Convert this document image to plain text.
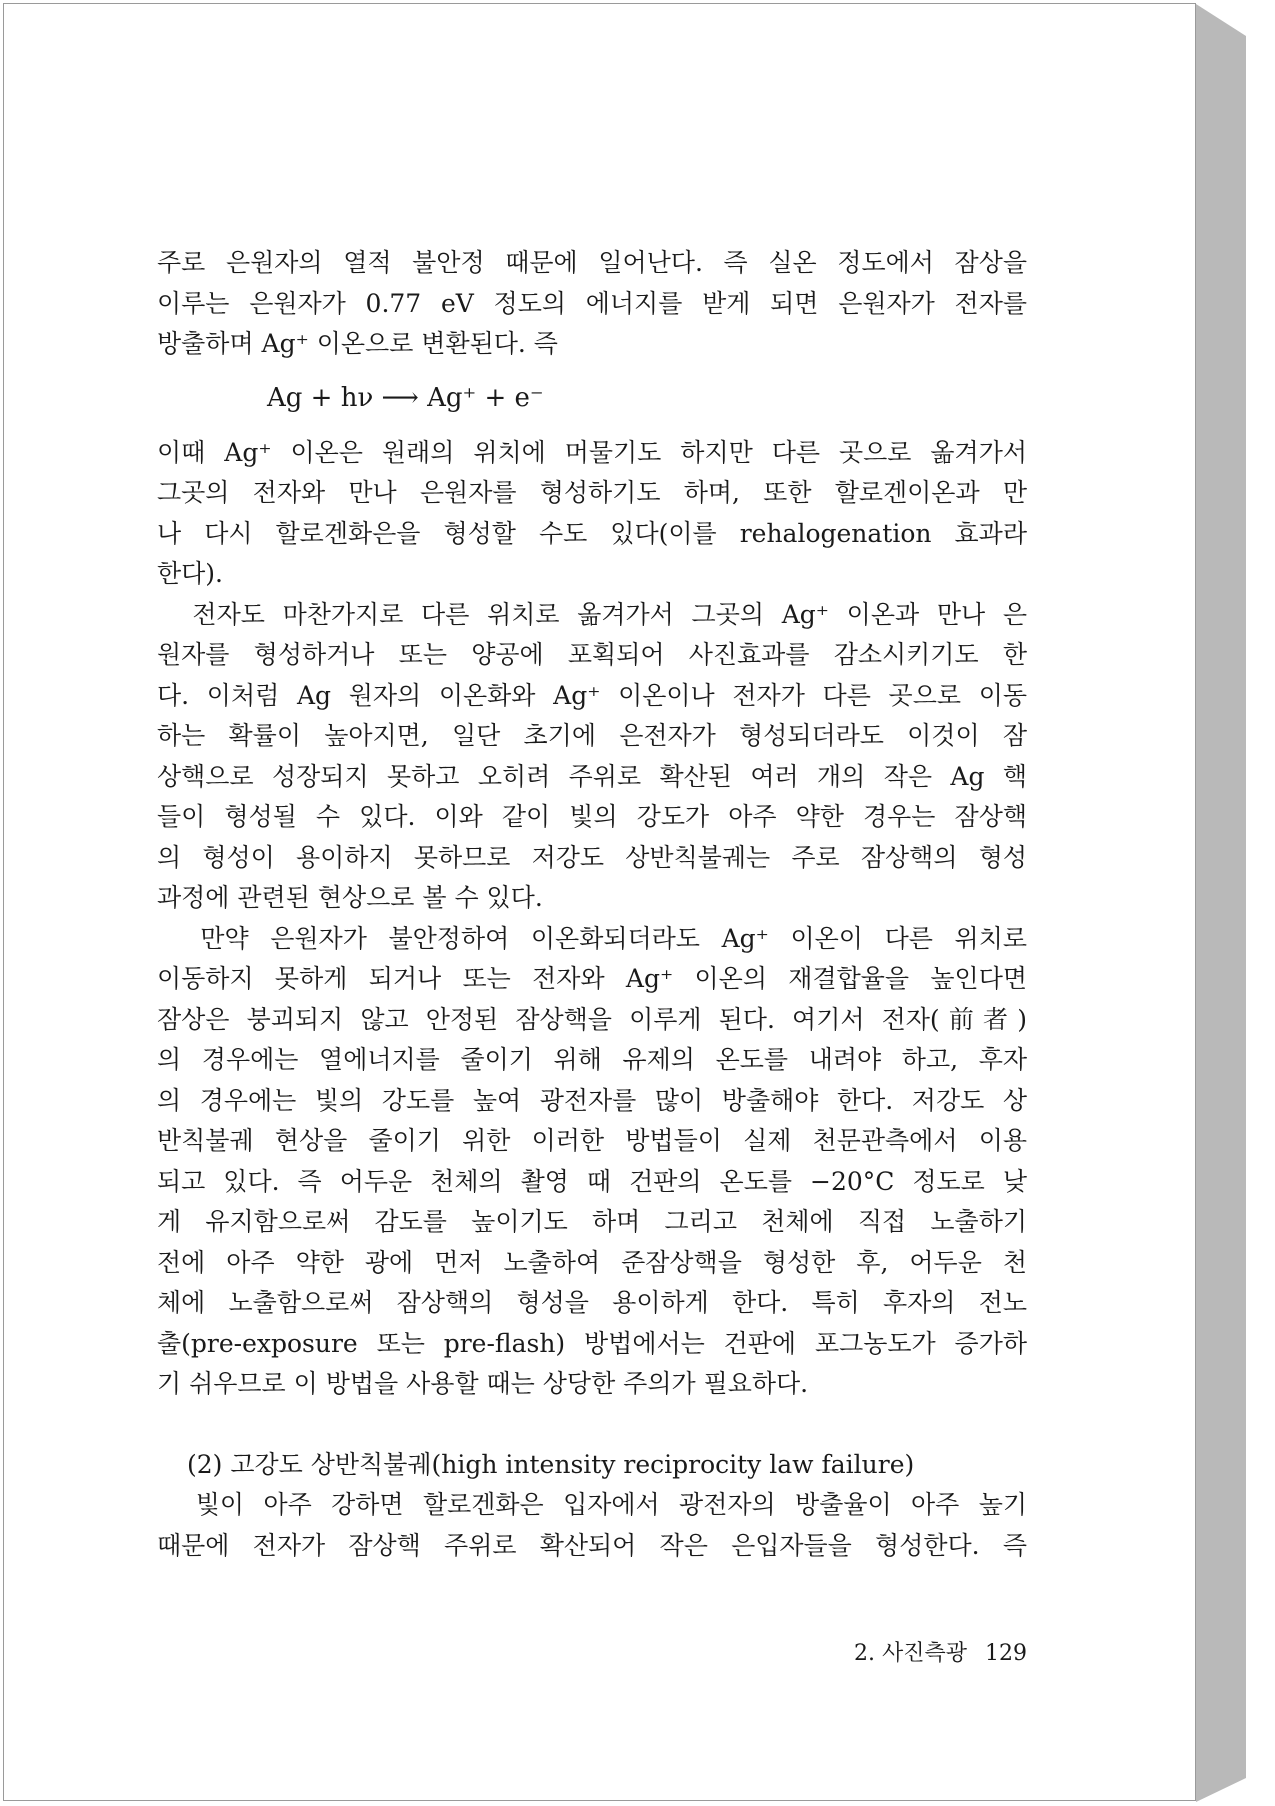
주로 은원자의 열적 불안정 때문에 일어난다. 즉 실온 정도에서 잠상을
이루는 은원자가 0.77 eV 정도의 에너지를 받게 되면 은원자가 전자를
방출하며 Ag⁺ 이온으로 변환된다. 즉
Ag + hν ⟶ Ag⁺ + e⁻
이때 Ag⁺ 이온은 원래의 위치에 머물기도 하지만 다른 곳으로 옮겨가서
그곳의 전자와 만나 은원자를 형성하기도 하며, 또한 할로겐이온과 만
나 다시 할로겐화은을 형성할 수도 있다(이를 rehalogenation 효과라
한다).
전자도 마찬가지로 다른 위치로 옮겨가서 그곳의 Ag⁺ 이온과 만나 은
원자를 형성하거나 또는 양공에 포획되어 사진효과를 감소시키기도 한
다. 이처럼 Ag 원자의 이온화와 Ag⁺ 이온이나 전자가 다른 곳으로 이동
하는 확률이 높아지면, 일단 초기에 은전자가 형성되더라도 이것이 잠
상핵으로 성장되지 못하고 오히려 주위로 확산된 여러 개의 작은 Ag 핵
들이 형성될 수 있다. 이와 같이 빛의 강도가 아주 약한 경우는 잠상핵
의 형성이 용이하지 못하므로 저강도 상반칙불궤는 주로 잠상핵의 형성
과정에 관련된 현상으로 볼 수 있다.
만약 은원자가 불안정하여 이온화되더라도 Ag⁺ 이온이 다른 위치로
이동하지 못하게 되거나 또는 전자와 Ag⁺ 이온의 재결합율을 높인다면
잠상은 붕괴되지 않고 안정된 잠상핵을 이루게 된다. 여기서 전자(前者)
의 경우에는 열에너지를 줄이기 위해 유제의 온도를 내려야 하고, 후자
의 경우에는 빛의 강도를 높여 광전자를 많이 방출해야 한다. 저강도 상
반칙불궤 현상을 줄이기 위한 이러한 방법들이 실제 천문관측에서 이용
되고 있다. 즉 어두운 천체의 촬영 때 건판의 온도를 −20°C 정도로 낮
게 유지함으로써 감도를 높이기도 하며 그리고 천체에 직접 노출하기
전에 아주 약한 광에 먼저 노출하여 준잠상핵을 형성한 후, 어두운 천
체에 노출함으로써 잠상핵의 형성을 용이하게 한다. 특히 후자의 전노
출(pre-exposure 또는 pre-flash) 방법에서는 건판에 포그농도가 증가하
기 쉬우므로 이 방법을 사용할 때는 상당한 주의가 필요하다.
(2) 고강도 상반칙불궤(high intensity reciprocity law failure)
빛이 아주 강하면 할로겐화은 입자에서 광전자의 방출율이 아주 높기
때문에 전자가 잠상핵 주위로 확산되어 작은 은입자들을 형성한다. 즉
2. 사진측광 129
